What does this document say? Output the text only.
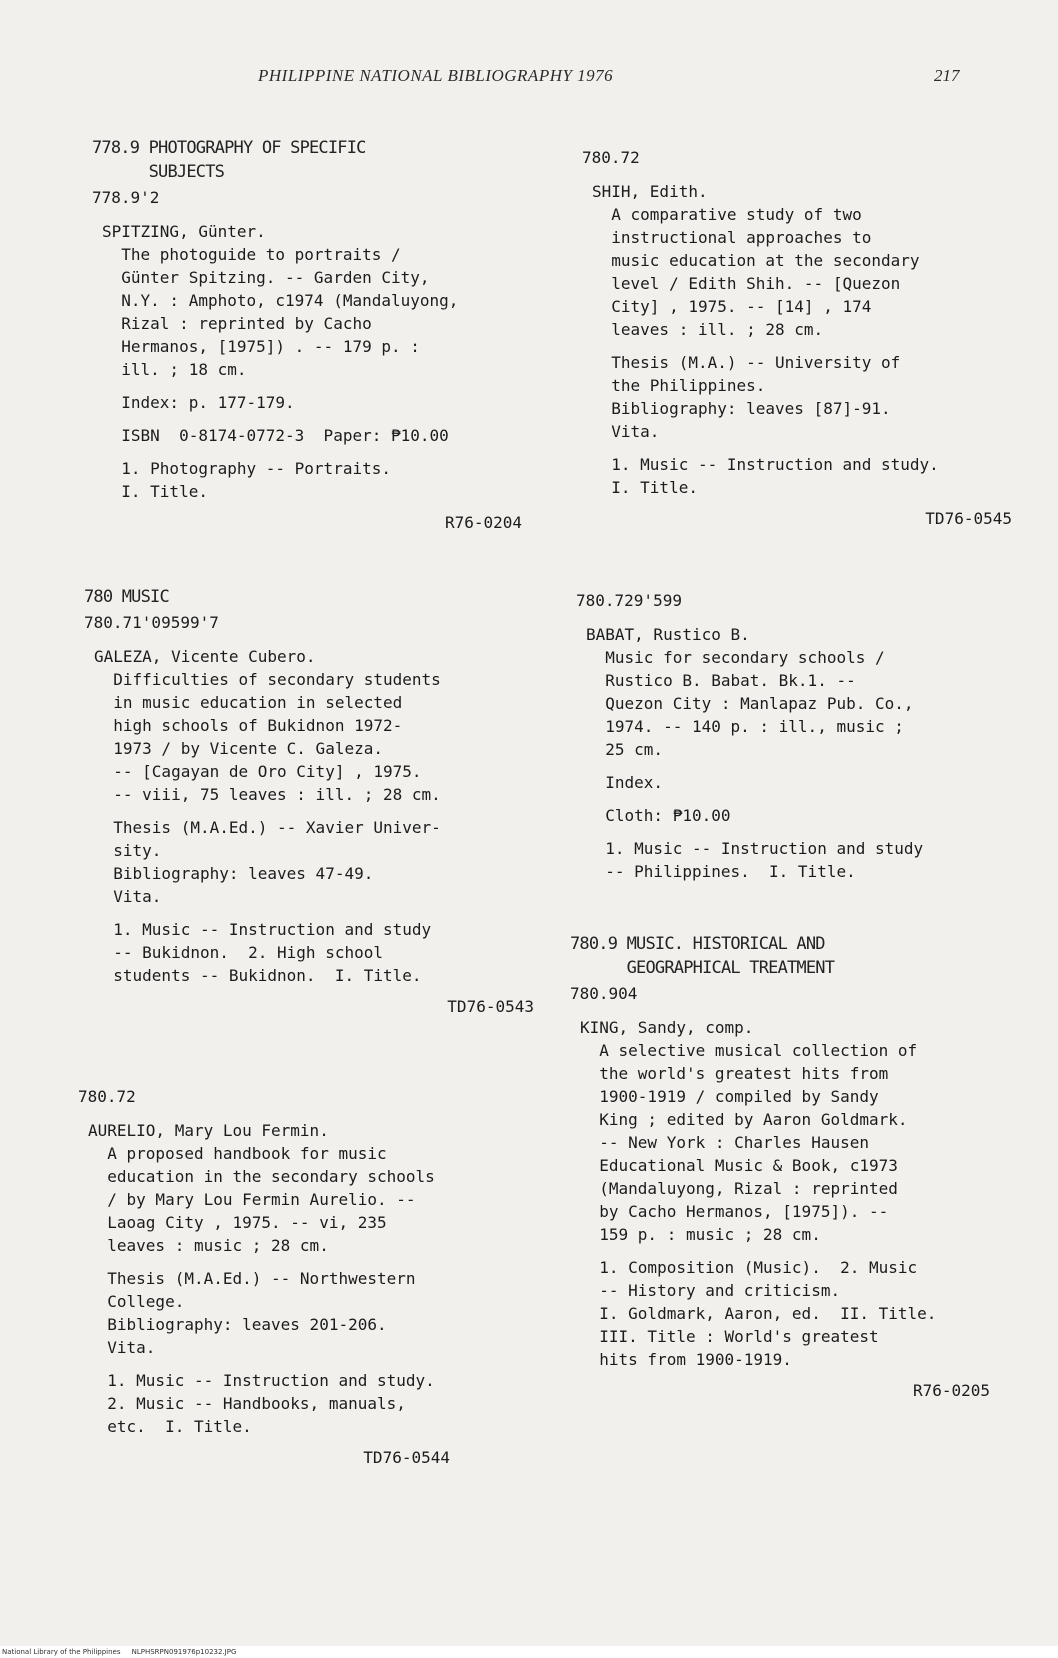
PHILIPPINE NATIONAL BIBLIOGRAPHY 1976	217
778.9 PHOTOGRAPHY OF SPECIFIC
SUBJECTS
778.9'2

SPITZING, Günter.
The photoguide to portraits /
Günter Spitzing. -- Garden City,
N.Y. : Amphoto, c1974 (Mandaluyong,
Rizal : reprinted by Cacho
Hermanos, [1975]) . -- 179 p. :
ill. ; 18 cm.

Index: p. 177-179.

ISBN  0-8174-0772-3  Paper: ₱10.00

1. Photography -- Portraits.
I. Title.

R76-0204
780 MUSIC
780.71'09599'7

GALEZA, Vicente Cubero.
Difficulties of secondary students
in music education in selected
high schools of Bukidnon 1972-
1973 / by Vicente C. Galeza.
-- [Cagayan de Oro City] , 1975.
-- viii, 75 leaves : ill. ; 28 cm.

Thesis (M.A.Ed.) -- Xavier Univer-
sity.
Bibliography: leaves 47-49.
Vita.

1. Music -- Instruction and study
-- Bukidnon.  2. High school
students -- Bukidnon.  I. Title.

TD76-0543
780.72

AURELIO, Mary Lou Fermin.
A proposed handbook for music
education in the secondary schools
/ by Mary Lou Fermin Aurelio. --
Laoag City , 1975. -- vi, 235
leaves : music ; 28 cm.

Thesis (M.A.Ed.) -- Northwestern
College.
Bibliography: leaves 201-206.
Vita.

1. Music -- Instruction and study.
2. Music -- Handbooks, manuals,
etc.  I. Title.

TD76-0544
780.72

SHIH, Edith.
A comparative study of two
instructional approaches to
music education at the secondary
level / Edith Shih. -- [Quezon
City] , 1975. -- [14] , 174
leaves : ill. ; 28 cm.

Thesis (M.A.) -- University of
the Philippines.
Bibliography: leaves [87]-91.
Vita.

1. Music -- Instruction and study.
I. Title.

TD76-0545
780.729'599

BABAT, Rustico B.
Music for secondary schools /
Rustico B. Babat. Bk.1. --
Quezon City : Manlapaz Pub. Co.,
1974. -- 140 p. : ill., music ;
25 cm.

Index.

Cloth: ₱10.00

1. Music -- Instruction and study
-- Philippines.  I. Title.

780.9 MUSIC. HISTORICAL AND
GEOGRAPHICAL TREATMENT
780.904

KING, Sandy, comp.
A selective musical collection of
the world's greatest hits from
1900-1919 / compiled by Sandy
King ; edited by Aaron Goldmark.
-- New York : Charles Hausen
Educational Music & Book, c1973
(Mandaluyong, Rizal : reprinted
by Cacho Hermanos, [1975]). --
159 p. : music ; 28 cm.

1. Composition (Music).  2. Music
-- History and criticism.
I. Goldmark, Aaron, ed.  II. Title.
III. Title : World's greatest
hits from 1900-1919.

R76-0205
National Library of the Philippines     NLPHSRPN091976p10232.JPG
